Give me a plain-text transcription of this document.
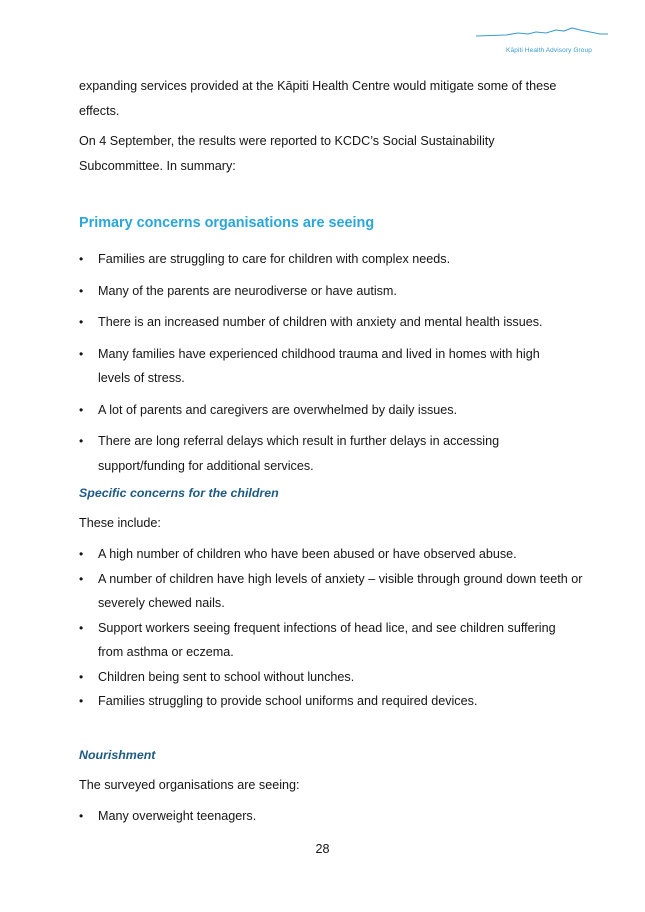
Kāpiti Health Advisory Group

expanding services provided at the Kāpiti Health Centre would mitigate some of these effects.

On 4 September, the results were reported to KCDC’s Social Sustainability Subcommittee. In summary:

Primary concerns organisations are seeing
• Families are struggling to care for children with complex needs.
• Many of the parents are neurodiverse or have autism.
• There is an increased number of children with anxiety and mental health issues.
• Many families have experienced childhood trauma and lived in homes with high levels of stress.
• A lot of parents and caregivers are overwhelmed by daily issues.
• There are long referral delays which result in further delays in accessing support/funding for additional services.
Specific concerns for the children

These include:

• A high number of children who have been abused or have observed abuse.
• A number of children have high levels of anxiety – visible through ground down teeth or severely chewed nails.
• Support workers seeing frequent infections of head lice, and see children suffering from asthma or eczema.
• Children being sent to school without lunches.
• Families struggling to provide school uniforms and required devices.
Nourishment

The surveyed organisations are seeing:

• Many overweight teenagers.
28
